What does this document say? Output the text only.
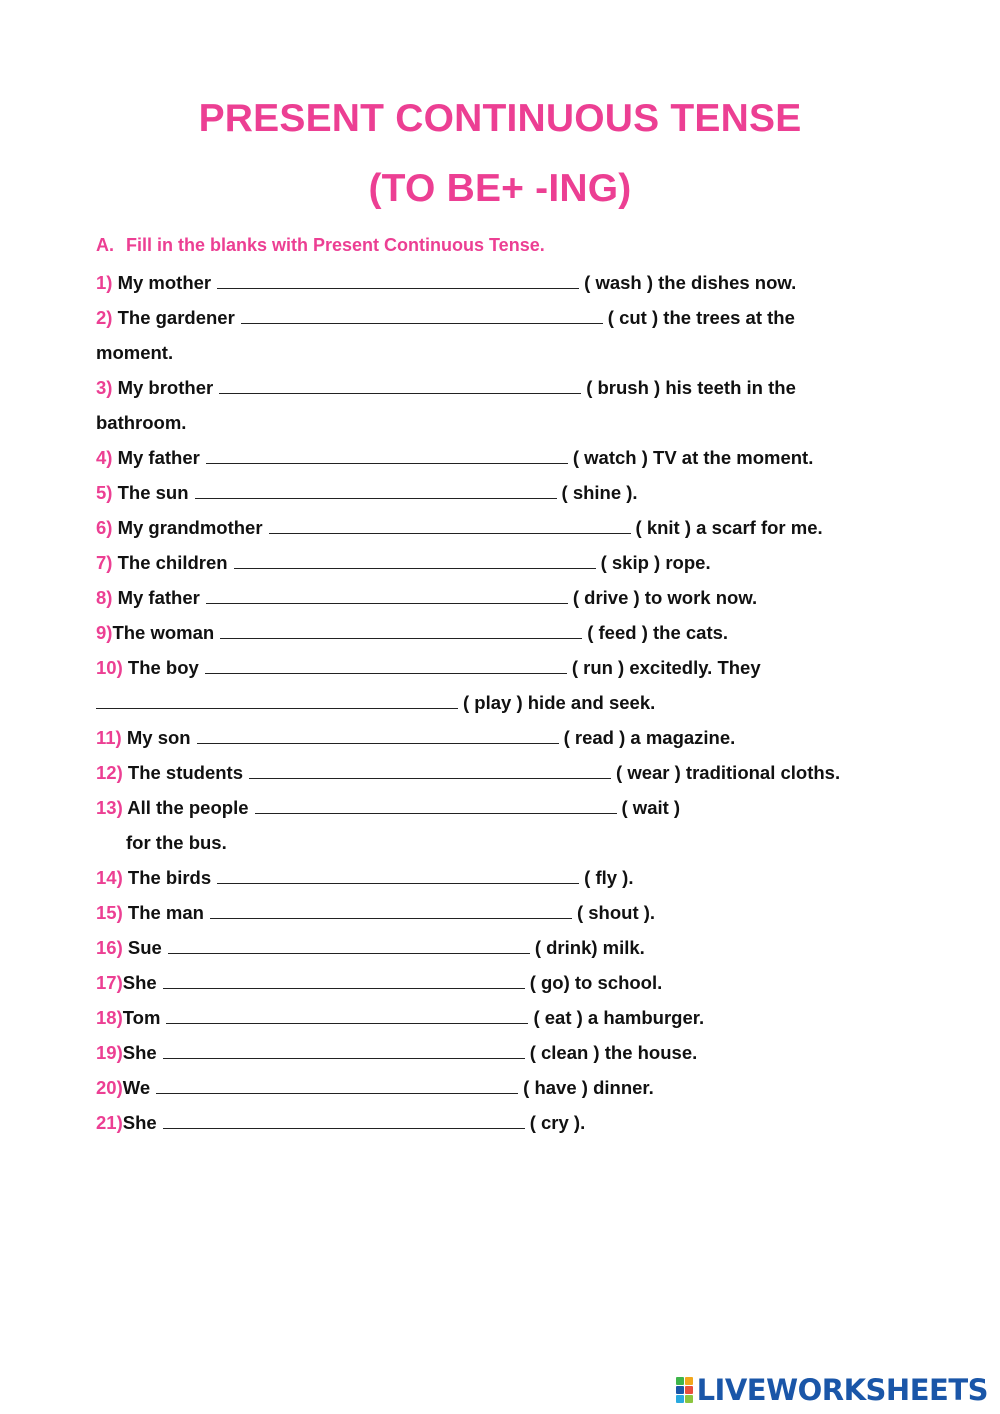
PRESENT CONTINUOUS TENSE
(TO BE+ -ING)
A. Fill in the blanks with Present Continuous Tense.
1) My mother	( wash ) the dishes now.
2) The gardener	( cut ) the trees at the
moment.
3) My brother	( brush ) his teeth in the
bathroom.
4) My father	( watch ) TV at the moment.
5) The sun	( shine ).
6) My grandmother	( knit ) a scarf for me.
7) The children	( skip ) rope.
8) My father	( drive ) to work now.
9)The woman	( feed ) the cats.
10) The boy	( run ) excitedly. They
( play ) hide and seek.
11) My son	( read ) a magazine.
12) The students	( wear ) traditional cloths.
13) All the people	( wait )
for the bus.
14) The birds	( fly ).
15) The man	( shout ).
16) Sue	( drink) milk.
17)She	( go) to school.
18)Tom	( eat ) a hamburger.
19)She	( clean ) the house.
20)We	( have ) dinner.
21)She	( cry ).
LIVEWORKSHEETS
